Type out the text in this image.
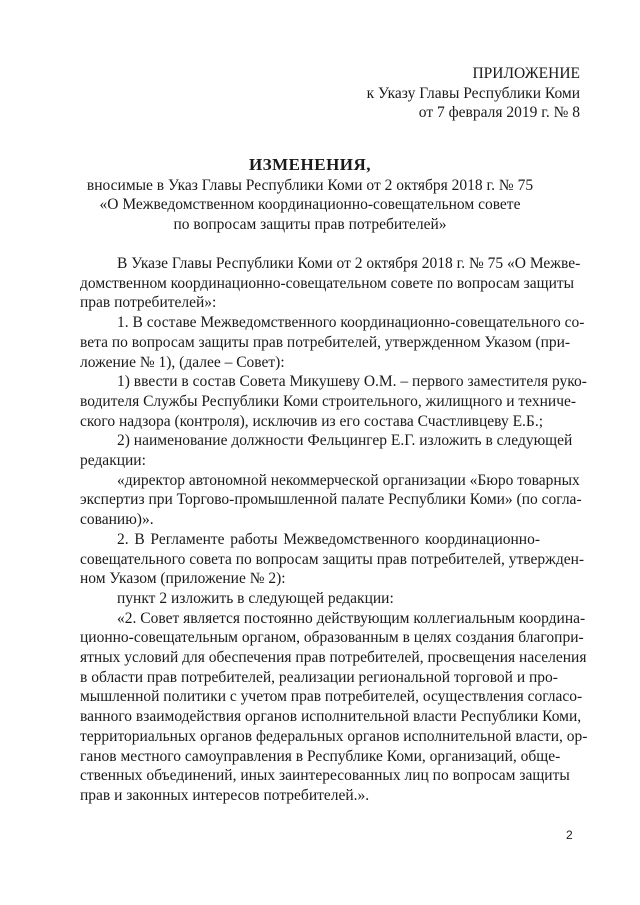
ПРИЛОЖЕНИЕ
к Указу Главы Республики Коми
от 7 февраля 2019 г. № 8
ИЗМЕНЕНИЯ,
вносимые в Указ Главы Республики Коми от 2 октября 2018 г. № 75
«О Межведомственном координационно-совещательном совете
по вопросам защиты прав потребителей»
В Указе Главы Республики Коми от 2 октября 2018 г. № 75 «О Межве-
домственном координационно-совещательном совете по вопросам защиты
прав потребителей»:
1. В составе Межведомственного координационно-совещательного со-
вета по вопросам защиты прав потребителей, утвержденном Указом (при-
ложение № 1), (далее – Совет):
1) ввести в состав Совета Микушеву О.М. – первого заместителя руко-
водителя Службы Республики Коми строительного, жилищного и техниче-
ского надзора (контроля), исключив из его состава Счастливцеву Е.Б.;
2) наименование должности Фельцингер Е.Г. изложить в следующей
редакции:
«директор автономной некоммерческой организации «Бюро товарных
экспертиз при Торгово-промышленной палате Республики Коми» (по согла-
сованию)».
2. В Регламенте работы Межведомственного координационно-
совещательного совета по вопросам защиты прав потребителей, утвержден-
ном Указом (приложение № 2):
пункт 2 изложить в следующей редакции:
«2. Совет является постоянно действующим коллегиальным координа-
ционно-совещательным органом, образованным в целях создания благопри-
ятных условий для обеспечения прав потребителей, просвещения населения
в области прав потребителей, реализации региональной торговой и про-
мышленной политики с учетом прав потребителей, осуществления согласо-
ванного взаимодействия органов исполнительной власти Республики Коми,
территориальных органов федеральных органов исполнительной власти, ор-
ганов местного самоуправления в Республике Коми, организаций, обще-
ственных объединений, иных заинтересованных лиц по вопросам защиты
прав и законных интересов потребителей.».
2
